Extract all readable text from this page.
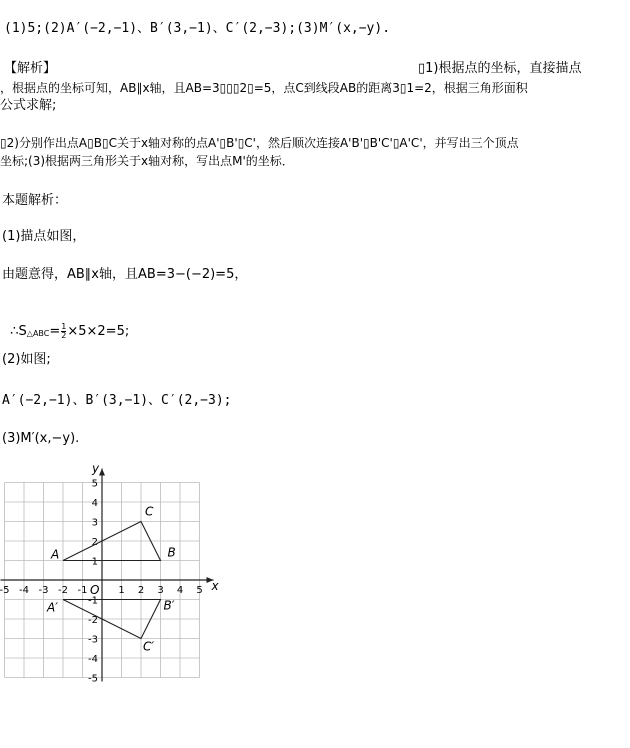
(1)5;(2)A′(−2,−1)、B′(3,−1)、C′(2,−3);(3)M′(x,−y).
【解析】	▯1)根据点的坐标，直接描点
，根据点的坐标可知，AB∥x轴，且AB=3▯▯▯2▯=5，点C到线段AB的距离3▯1=2，根据三角形面积
公式求解;
▯2)分别作出点A▯B▯C关于x轴对称的点A'▯B'▯C'，然后顺次连接A'B'▯B'C'▯A'C'，并写出三个顶点
坐标;(3)根据两三角形关于x轴对称，写出点M'的坐标．
本题解析：
(1)描点如图，
由题意得，AB∥x轴，且AB=3−(−2)=5，

∴S△ABC= $\frac{1}{2} \times 5\times 2=5$;

(2)如图;
A′(−2,−1)、B′(3,−1)、C′(2,−3);
(3)M′(x,−y).
x
y
O
-5 -4 -3 -2 -1	1 2 3 4 5
5
4
3
2
1
-1
-2
-3
-4
-5
A	B
C
A′	B′
C′
